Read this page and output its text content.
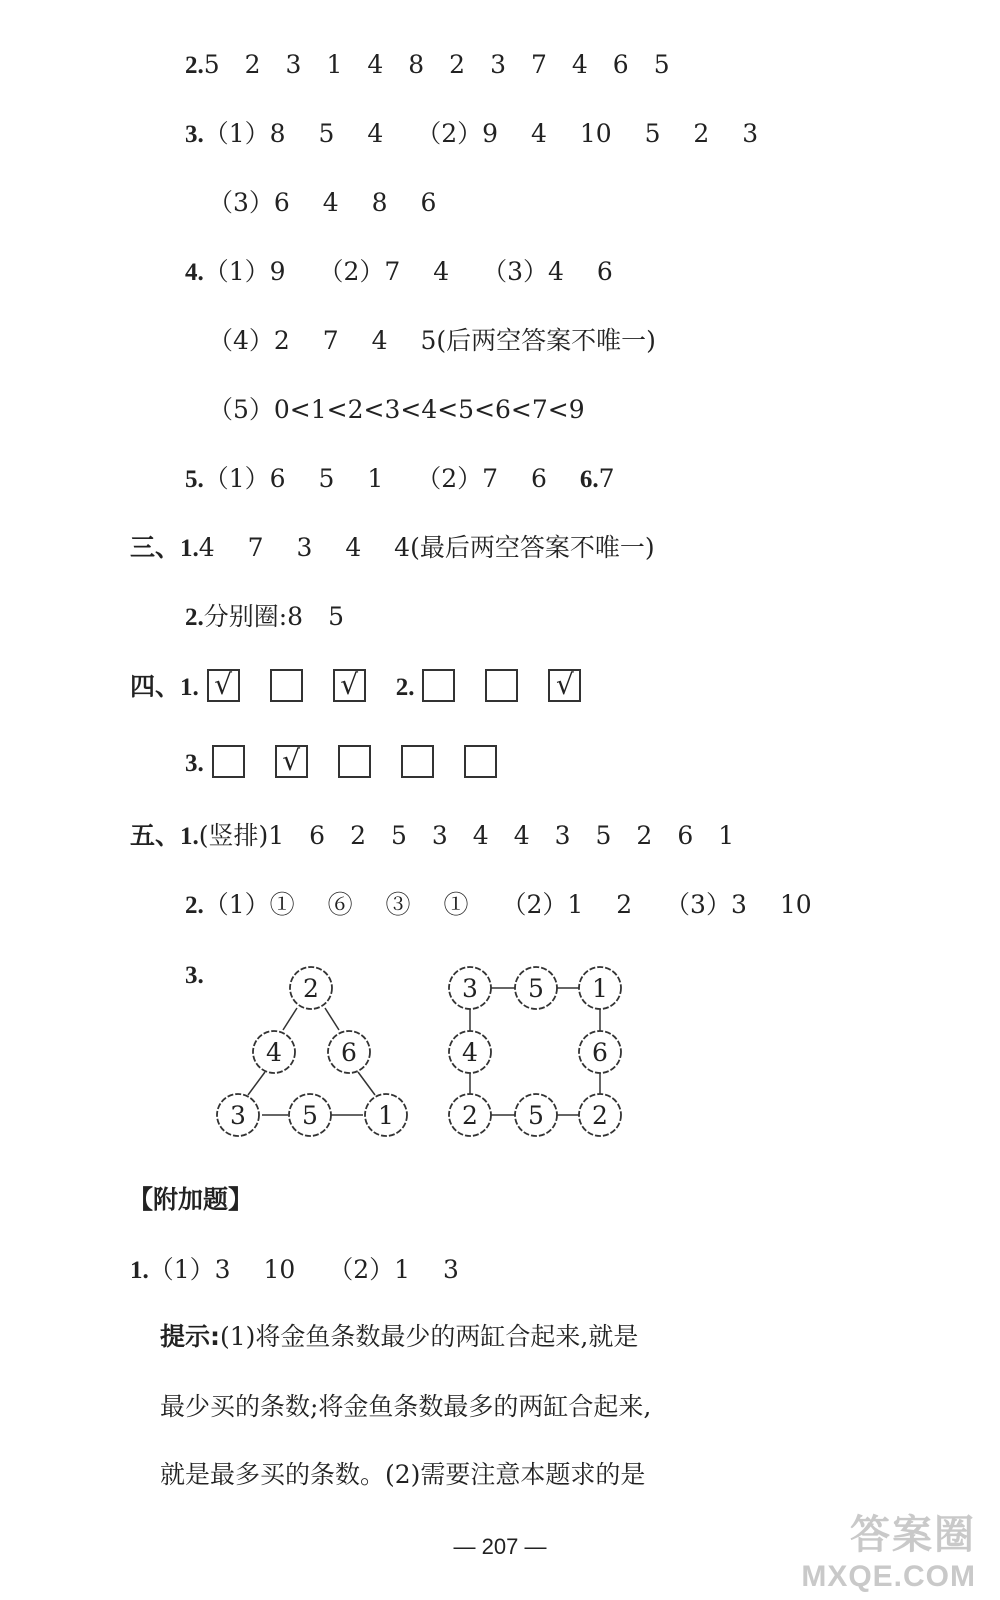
2.5　2　3　1　4　8　2　3　7　4　6　5
3.（1）8　 5　 4　 （2）9　 4　 10　 5　 2　 3
（3）6　 4　 8　 6
4.（1）9　 （2）7　 4　 （3）4　 6
（4）2　 7　 4　 5(后两空答案不唯一)
（5）0<1<2<3<4<5<6<7<9
5.（1）6　 5　 1　 （2）7　 6　 6.7
三、1.4　 7　 3　 4　 4(最后两空答案不唯一)
2.分别圈:8　5
四、1. √	√ 2.	√
3.	√
五、1.(竖排)1　6　2　5　3　4　4　3　5　2　6　1
2.（1）①　 ⑥　 ③　 ①　 （2）1　 2　 （3）3　 10
3.	2
4 6
3 5 1
3 5 1
4	6
2 5 2
【附加题】
1.（1）3　 10　 （2）1　 3
提示:(1)将金鱼条数最少的两缸合起来,就是
最少买的条数;将金鱼条数最多的两缸合起来,
就是最多买的条数。(2)需要注意本题求的是
— 207 —	答案圈
MXQE.COM
